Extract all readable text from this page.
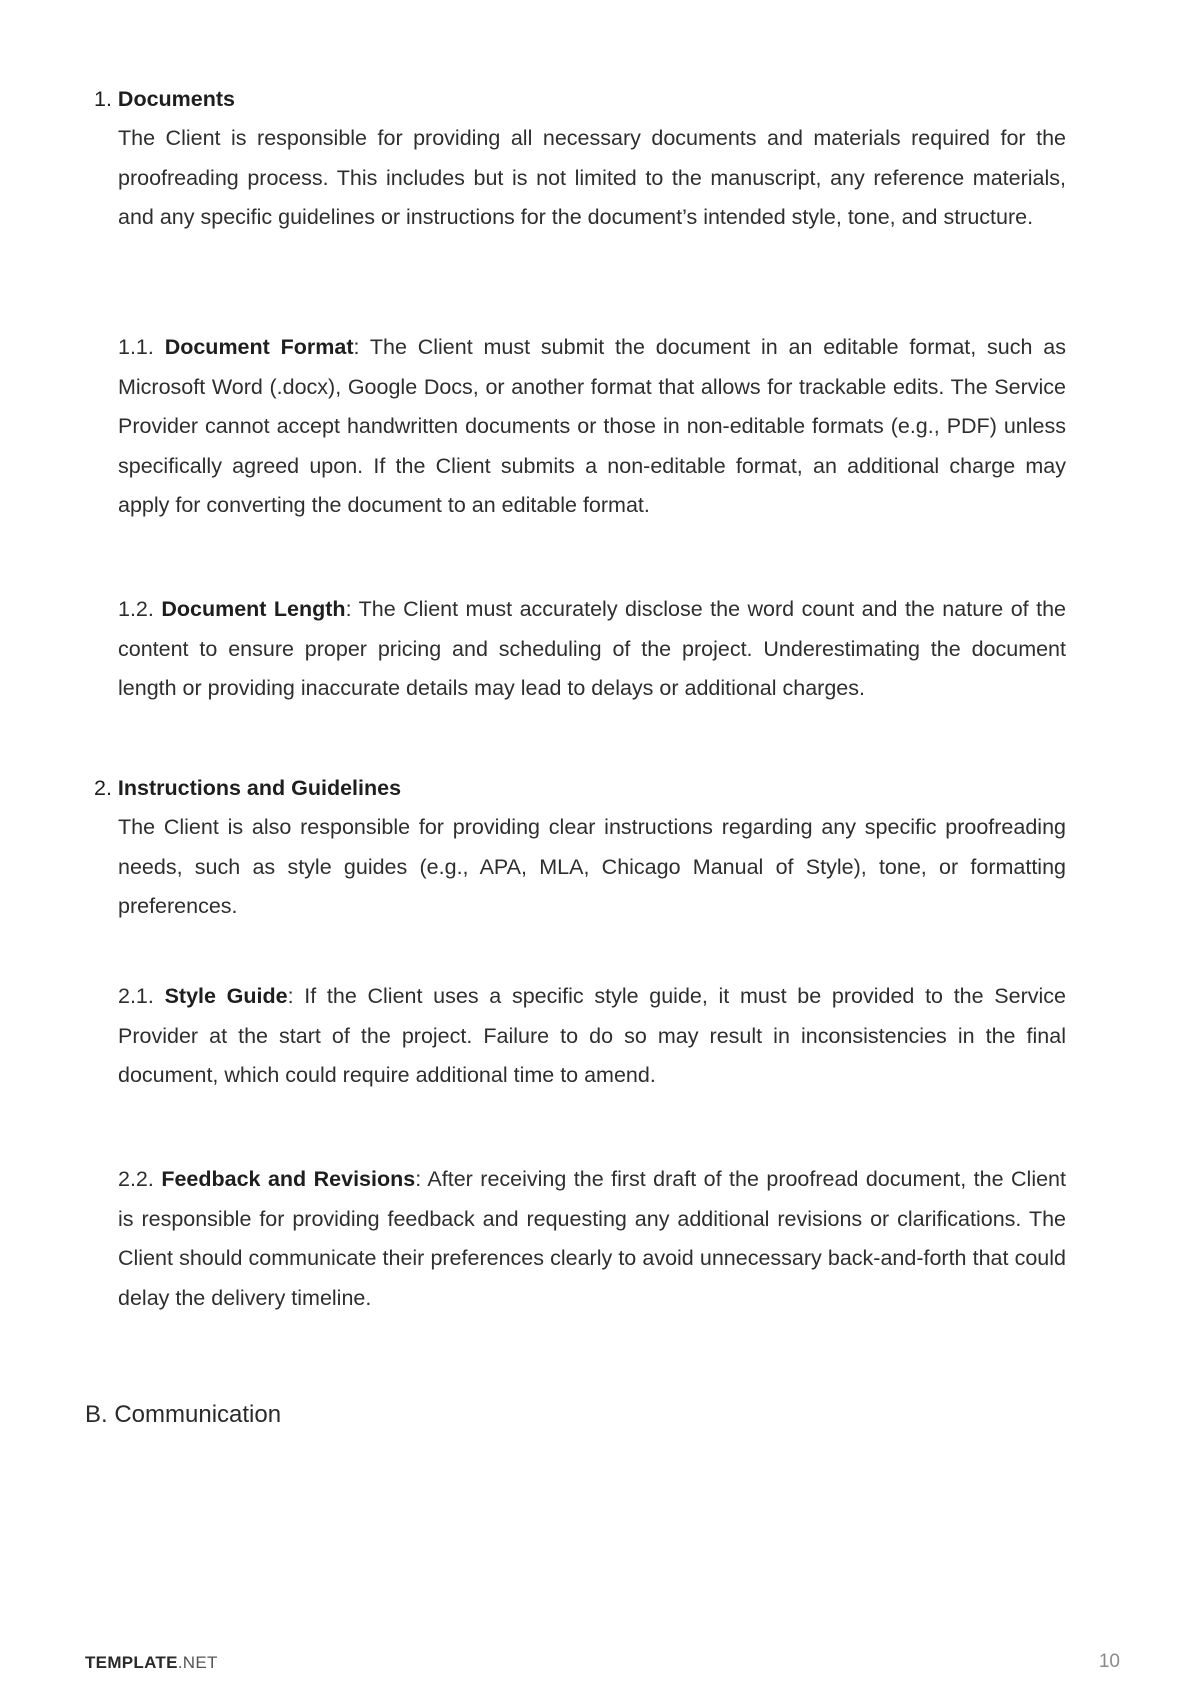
1. Documents
The Client is responsible for providing all necessary documents and materials required for the proofreading process. This includes but is not limited to the manuscript, any reference materials, and any specific guidelines or instructions for the document’s intended style, tone, and structure.
1.1. Document Format: The Client must submit the document in an editable format, such as Microsoft Word (.docx), Google Docs, or another format that allows for trackable edits. The Service Provider cannot accept handwritten documents or those in non-editable formats (e.g., PDF) unless specifically agreed upon. If the Client submits a non-editable format, an additional charge may apply for converting the document to an editable format.
1.2. Document Length: The Client must accurately disclose the word count and the nature of the content to ensure proper pricing and scheduling of the project. Underestimating the document length or providing inaccurate details may lead to delays or additional charges.
2. Instructions and Guidelines
The Client is also responsible for providing clear instructions regarding any specific proofreading needs, such as style guides (e.g., APA, MLA, Chicago Manual of Style), tone, or formatting preferences.
2.1. Style Guide: If the Client uses a specific style guide, it must be provided to the Service Provider at the start of the project. Failure to do so may result in inconsistencies in the final document, which could require additional time to amend.
2.2. Feedback and Revisions: After receiving the first draft of the proofread document, the Client is responsible for providing feedback and requesting any additional revisions or clarifications. The Client should communicate their preferences clearly to avoid unnecessary back-and-forth that could delay the delivery timeline.
B. Communication
TEMPLATE.NET	10
